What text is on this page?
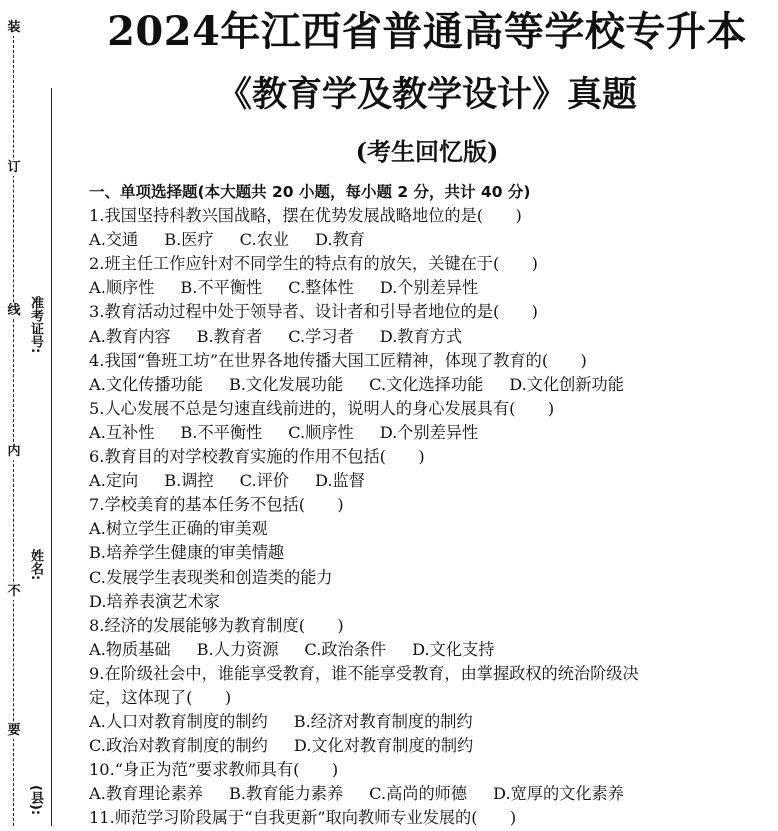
装
订
线
内
不
要
准考证号:
姓名:
(县):
2024年江西省普通高等学校专升本
《教育学及教学设计》真题
(考生回忆版)
一、单项选择题(本大题共 20 小题，每小题 2 分，共计 40 分)
1.我国坚持科教兴国战略，摆在优势发展战略地位的是(　　)
A.交通 B.医疗 C.农业 D.教育
2.班主任工作应针对不同学生的特点有的放矢，关键在于(　　)
A.顺序性 B.不平衡性 C.整体性 D.个别差异性
3.教育活动过程中处于领导者、设计者和引导者地位的是(　　)
A.教育内容 B.教育者 C.学习者 D.教育方式
4.我国“鲁班工坊”在世界各地传播大国工匠精神，体现了教育的(　　)
A.文化传播功能 B.文化发展功能 C.文化选择功能 D.文化创新功能
5.人心发展不总是匀速直线前进的，说明人的身心发展具有(　　)
A.互补性 B.不平衡性 C.顺序性 D.个别差异性
6.教育目的对学校教育实施的作用不包括(　　)
A.定向 B.调控 C.评价 D.监督
7.学校美育的基本任务不包括(　　)
A.树立学生正确的审美观
B.培养学生健康的审美情趣
C.发展学生表现类和创造类的能力
D.培养表演艺术家
8.经济的发展能够为教育制度(　　)
A.物质基础 B.人力资源 C.政治条件 D.文化支持
9.在阶级社会中，谁能享受教育，谁不能享受教育，由掌握政权的统治阶级决
定，这体现了(　　)
A.人口对教育制度的制约 B.经济对教育制度的制约
C.政治对教育制度的制约 D.文化对教育制度的制约
10.“身正为范”要求教师具有(　　)
A.教育理论素养 B.教育能力素养 C.高尚的师德 D.宽厚的文化素养
11.师范学习阶段属于“自我更新”取向教师专业发展的(　　)
